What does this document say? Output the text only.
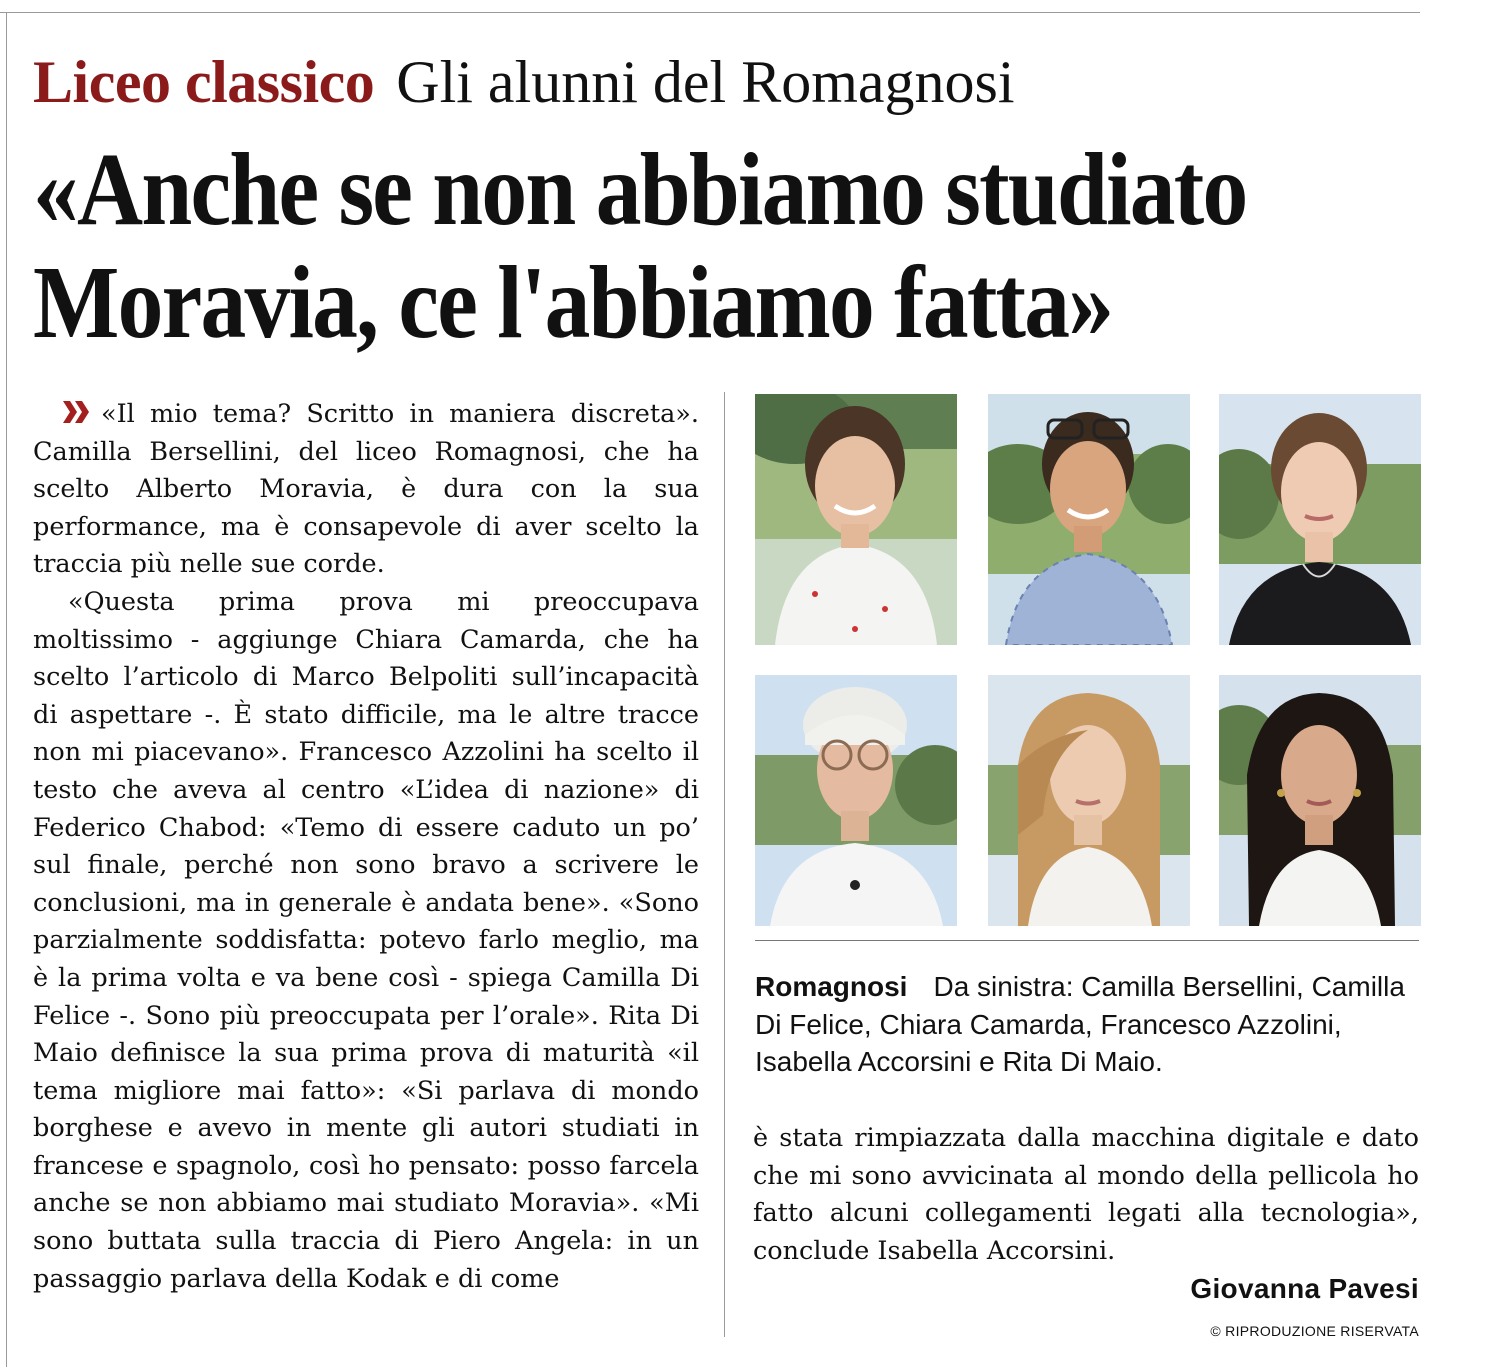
Liceo classico Gli alunni del Romagnosi
«Anche se non abbiamo studiato
Moravia, ce l'abbiamo fatta»

«Il mio tema? Scritto in maniera discreta». Camilla Bersellini, del liceo Romagnosi, che ha scelto Alberto Moravia, è dura con la sua performance, ma è consapevole di aver scelto la traccia più nelle sue corde.

«Questa prima prova mi preoccupava moltissimo - aggiunge Chiara Camarda, che ha scelto l’articolo di Marco Belpoliti sull’incapacità di aspettare -. È stato difficile, ma le altre tracce non mi piacevano». Francesco Azzolini ha scelto il testo che aveva al centro «L’idea di nazione» di Federico Chabod: «Temo di essere caduto un po’ sul finale, perché non sono bravo a scrivere le conclusioni, ma in generale è andata bene». «Sono parzialmente soddisfatta: potevo farlo meglio, ma è la prima volta e va bene così - spiega Camilla Di Felice -. Sono più preoccupata per l’orale». Rita Di Maio definisce la sua prima prova di maturità «il tema migliore mai fatto»: «Si parlava di mondo borghese e avevo in mente gli autori studiati in francese e spagnolo, così ho pensato: posso farcela anche se non abbiamo mai studiato Moravia». «Mi sono buttata sulla traccia di Piero Angela: in un passaggio parlava della Kodak e di come

Romagnosi Da sinistra: Camilla Bersellini, Camilla Di Felice, Chiara Camarda, Francesco Azzolini, Isabella Accorsini e Rita Di Maio.

è stata rimpiazzata dalla macchina digitale e dato che mi sono avvicinata al mondo della pellicola ho fatto alcuni collegamenti legati alla tecnologia», conclude Isabella Accorsini.

Giovanna Pavesi
© RIPRODUZIONE RISERVATA
